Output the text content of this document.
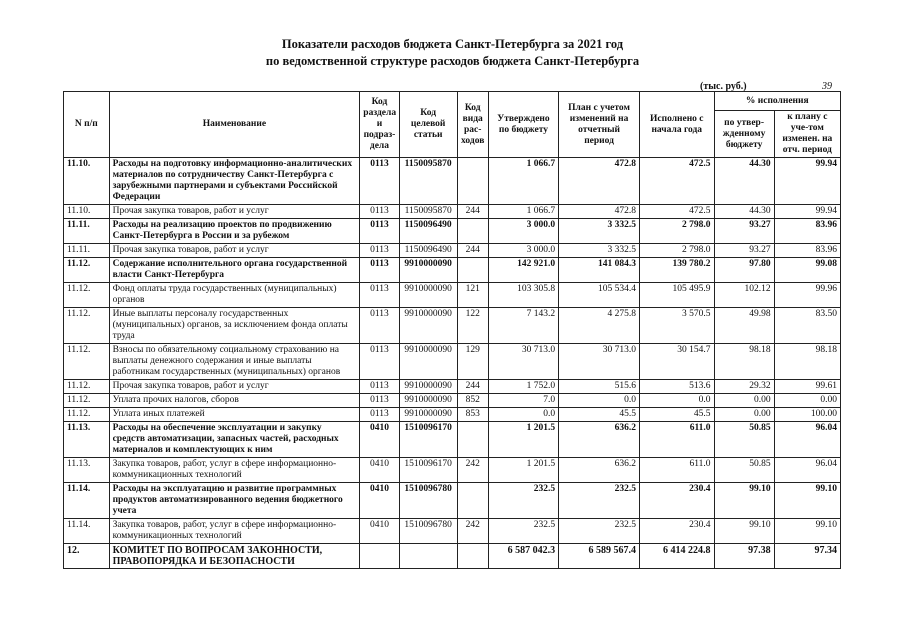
Показатели расходов бюджета Санкт-Петербурга за 2021 год
по ведомственной структуре расходов бюджета Санкт-Петербурга
(тыс. руб.)	39
N п/п	Наименование	Код раздела и подраз-дела	Код целевой статьи	Код вида рас-ходов	Утверждено по бюджету	План с учетом изменений на отчетный период	Исполнено с начала года	% исполнения	
								по утвер-жденному бюджету	к плану с уче-том изменен. на отч. период
11.10.	Расходы на подготовку информационно-аналитических материалов по сотрудничеству Санкт-Петербурга с зарубежными партнерами и субъектами Российской Федерации	0113	1150095870		1 066.7	472.8	472.5	44.30	99.94
11.10.	Прочая закупка товаров, работ и услуг	0113	1150095870	244	1 066.7	472.8	472.5	44.30	99.94
11.11.	Расходы на реализацию проектов по продвижению Санкт-Петербурга в России и за рубежом	0113	1150096490		3 000.0	3 332.5	2 798.0	93.27	83.96
11.11.	Прочая закупка товаров, работ и услуг	0113	1150096490	244	3 000.0	3 332.5	2 798.0	93.27	83.96
11.12.	Содержание исполнительного органа государственной власти Санкт-Петербурга	0113	9910000090		142 921.0	141 084.3	139 780.2	97.80	99.08
11.12.	Фонд оплаты труда государственных (муниципальных) органов	0113	9910000090	121	103 305.8	105 534.4	105 495.9	102.12	99.96
11.12.	Иные выплаты персоналу государственных (муниципальных) органов, за исключением фонда оплаты труда	0113	9910000090	122	7 143.2	4 275.8	3 570.5	49.98	83.50
11.12.	Взносы по обязательному социальному страхованию на выплаты денежного содержания и иные выплаты работникам государственных (муниципальных) органов	0113	9910000090	129	30 713.0	30 713.0	30 154.7	98.18	98.18
11.12.	Прочая закупка товаров, работ и услуг	0113	9910000090	244	1 752.0	515.6	513.6	29.32	99.61
11.12.	Уплата прочих налогов, сборов	0113	9910000090	852	7.0	0.0	0.0	0.00	0.00
11.12.	Уплата иных платежей	0113	9910000090	853	0.0	45.5	45.5	0.00	100.00
11.13.	Расходы на обеспечение эксплуатации и закупку средств автоматизации, запасных частей, расходных материалов и комплектующих к ним	0410	1510096170		1 201.5	636.2	611.0	50.85	96.04
11.13.	Закупка товаров, работ, услуг в сфере информационно-коммуникационных технологий	0410	1510096170	242	1 201.5	636.2	611.0	50.85	96.04
11.14.	Расходы на эксплуатацию и развитие программных продуктов автоматизированного ведения бюджетного учета	0410	1510096780		232.5	232.5	230.4	99.10	99.10
11.14.	Закупка товаров, работ, услуг в сфере информационно-коммуникационных технологий	0410	1510096780	242	232.5	232.5	230.4	99.10	99.10
12.	КОМИТЕТ ПО ВОПРОСАМ ЗАКОННОСТИ, ПРАВОПОРЯДКА И БЕЗОПАСНОСТИ				6 587 042.3	6 589 567.4	6 414 224.8	97.38	97.34
